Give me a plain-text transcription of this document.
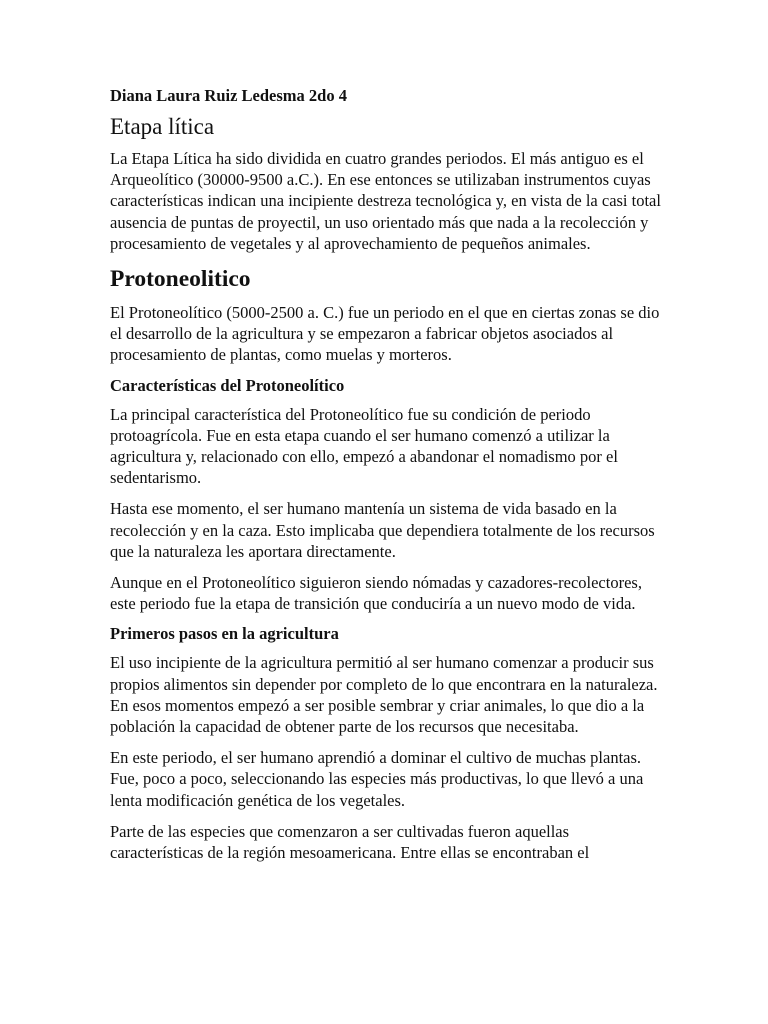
Diana Laura Ruiz Ledesma 2do 4
Etapa lítica

La Etapa Lítica ha sido dividida en cuatro grandes periodos. El más antiguo es el Arqueolítico (30000-9500 a.C.). En ese entonces se utilizaban instrumentos cuyas características indican una incipiente destreza tecnológica y, en vista de la casi total ausencia de puntas de proyectil, un uso orientado más que nada a la recolección y procesamiento de vegetales y al aprovechamiento de pequeños animales.

Protoneolitico

El Protoneolítico (5000-2500 a. C.) fue un periodo en el que en ciertas zonas se dio el desarrollo de la agricultura y se empezaron a fabricar objetos asociados al procesamiento de plantas, como muelas y morteros.

Características del Protoneolítico

La principal característica del Protoneolítico fue su condición de periodo protoagrícola. Fue en esta etapa cuando el ser humano comenzó a utilizar la agricultura y, relacionado con ello, empezó a abandonar el nomadismo por el sedentarismo.

Hasta ese momento, el ser humano mantenía un sistema de vida basado en la recolección y en la caza. Esto implicaba que dependiera totalmente de los recursos que la naturaleza les aportara directamente.

Aunque en el Protoneolítico siguieron siendo nómadas y cazadores-recolectores, este periodo fue la etapa de transición que conduciría a un nuevo modo de vida.

Primeros pasos en la agricultura

El uso incipiente de la agricultura permitió al ser humano comenzar a producir sus propios alimentos sin depender por completo de lo que encontrara en la naturaleza. En esos momentos empezó a ser posible sembrar y criar animales, lo que dio a la población la capacidad de obtener parte de los recursos que necesitaba.

En este periodo, el ser humano aprendió a dominar el cultivo de muchas plantas. Fue, poco a poco, seleccionando las especies más productivas, lo que llevó a una lenta modificación genética de los vegetales.

Parte de las especies que comenzaron a ser cultivadas fueron aquellas características de la región mesoamericana. Entre ellas se encontraban el
